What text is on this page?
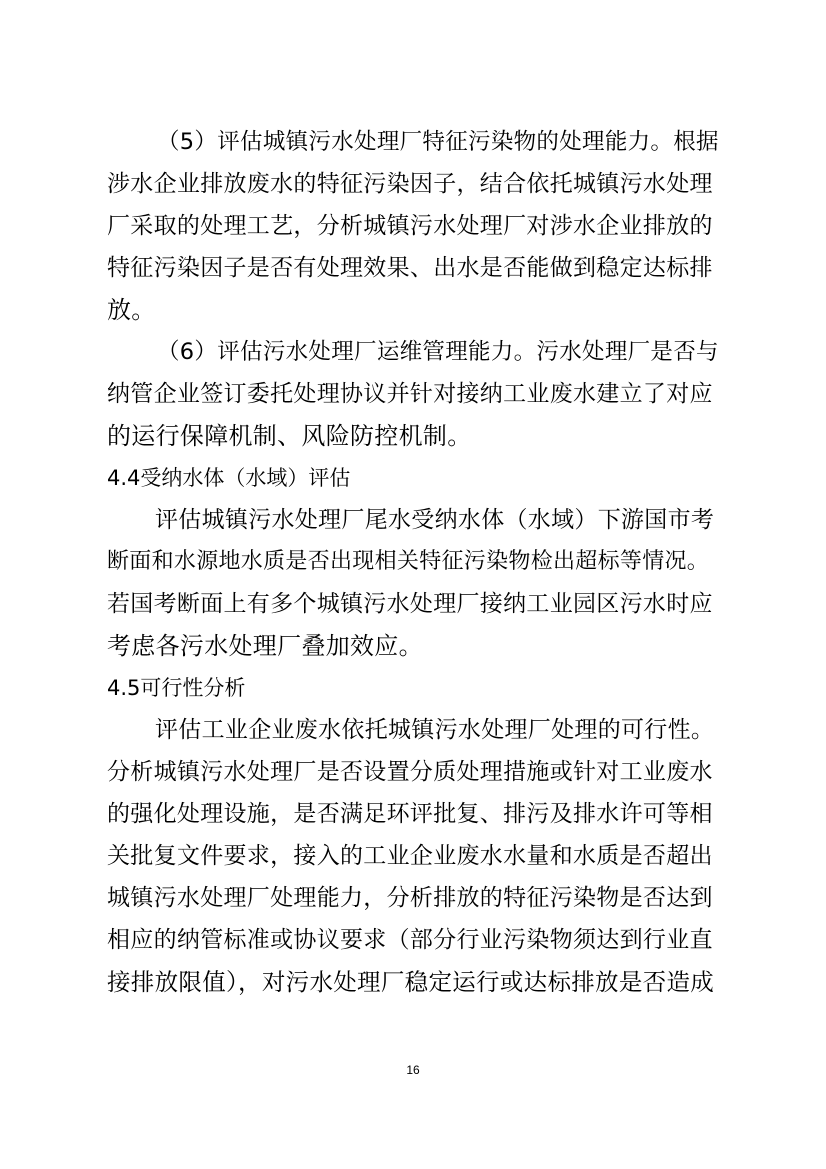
（5）评估城镇污水处理厂特征污染物的处理能力。根据
涉水企业排放废水的特征污染因子，结合依托城镇污水处理
厂采取的处理工艺，分析城镇污水处理厂对涉水企业排放的
特征污染因子是否有处理效果、出水是否能做到稳定达标排
放。
（6）评估污水处理厂运维管理能力。污水处理厂是否与
纳管企业签订委托处理协议并针对接纳工业废水建立了对应
的运行保障机制、风险防控机制。
4.4受纳水体（水域）评估
评估城镇污水处理厂尾水受纳水体（水域）下游国市考
断面和水源地水质是否出现相关特征污染物检出超标等情况。
若国考断面上有多个城镇污水处理厂接纳工业园区污水时应
考虑各污水处理厂叠加效应。
4.5可行性分析
评估工业企业废水依托城镇污水处理厂处理的可行性。
分析城镇污水处理厂是否设置分质处理措施或针对工业废水
的强化处理设施，是否满足环评批复、排污及排水许可等相
关批复文件要求，接入的工业企业废水水量和水质是否超出
城镇污水处理厂处理能力，分析排放的特征污染物是否达到
相应的纳管标准或协议要求（部分行业污染物须达到行业直
接排放限值），对污水处理厂稳定运行或达标排放是否造成
16
